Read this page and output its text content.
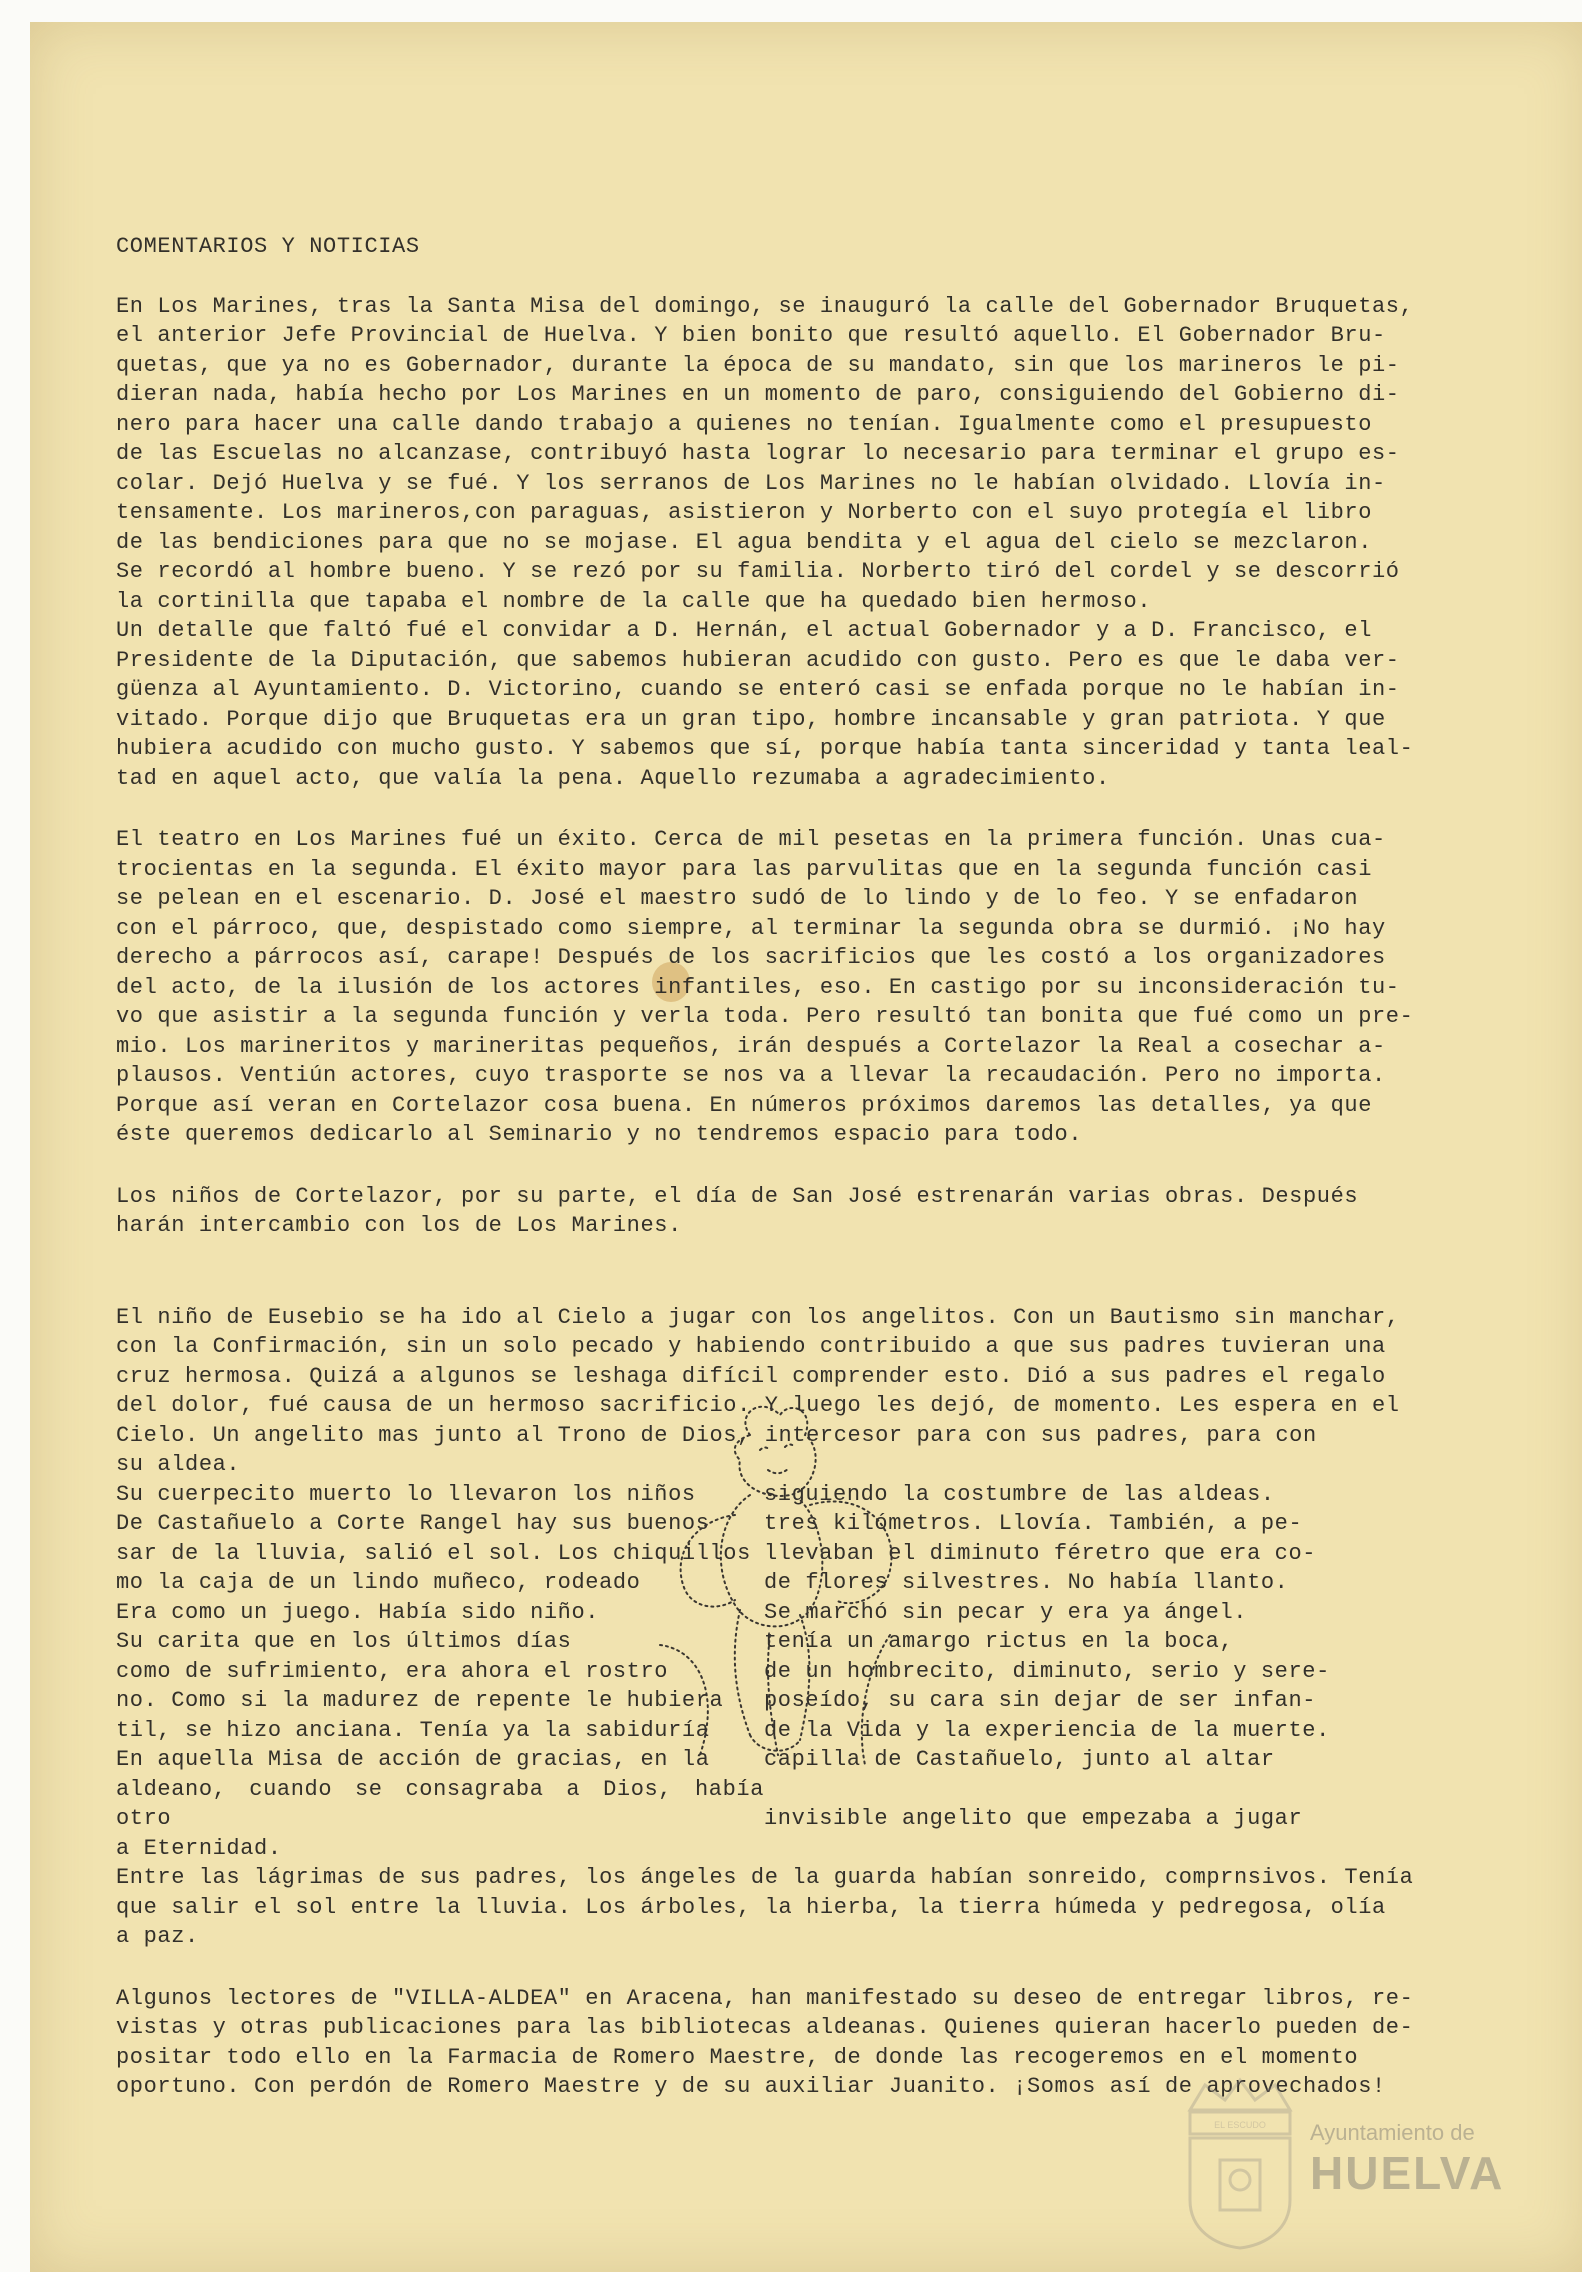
COMENTARIOS Y NOTICIAS
En Los Marines, tras la Santa Misa del domingo, se inauguró la calle del Gobernador Bruquetas,
el anterior Jefe Provincial de Huelva. Y bien bonito que resultó aquello. El Gobernador Bru-
quetas, que ya no es Gobernador, durante la época de su mandato, sin que los marineros le pi-
dieran nada, había hecho por Los Marines en un momento de paro, consiguiendo del Gobierno di-
nero para hacer una calle dando trabajo a quienes no tenían. Igualmente como el presupuesto
de las Escuelas no alcanzase, contribuyó hasta lograr lo necesario para terminar el grupo es-
colar. Dejó Huelva y se fué. Y los serranos de Los Marines no le habían olvidado. Llovía in-
tensamente. Los marineros,con paraguas, asistieron y Norberto con el suyo protegía el libro
de las bendiciones para que no se mojase. El agua bendita y el agua del cielo se mezclaron.
Se recordó al hombre bueno. Y se rezó por su familia. Norberto tiró del cordel y se descorrió
la cortinilla que tapaba el nombre de la calle que ha quedado bien hermoso.
Un detalle que faltó fué el convidar a D. Hernán, el actual Gobernador y a D. Francisco, el
Presidente de la Diputación, que sabemos hubieran acudido con gusto. Pero es que le daba ver-
güenza al Ayuntamiento. D. Victorino, cuando se enteró casi se enfada porque no le habían in-
vitado. Porque dijo que Bruquetas era un gran tipo, hombre incansable y gran patriota. Y que
hubiera acudido con mucho gusto. Y sabemos que sí, porque había tanta sinceridad y tanta leal-
tad en aquel acto, que valía la pena. Aquello rezumaba a agradecimiento.
El teatro en Los Marines fué un éxito. Cerca de mil pesetas en la primera función. Unas cua-
trocientas en la segunda. El éxito mayor para las parvulitas que en la segunda función casi
se pelean en el escenario. D. José el maestro sudó de lo lindo y de lo feo. Y se enfadaron
con el párroco, que, despistado como siempre, al terminar la segunda obra se durmió. ¡No hay
derecho a párrocos así, carape! Después de los sacrificios que les costó a los organizadores
del acto, de la ilusión de los actores infantiles, eso. En castigo por su inconsideración tu-
vo que asistir a la segunda función y verla toda. Pero resultó tan bonita que fué como un pre-
mio. Los marineritos y marineritas pequeños, irán después a Cortelazor la Real a cosechar a-
plausos. Ventiún actores, cuyo trasporte se nos va a llevar la recaudación. Pero no importa.
Porque así veran en Cortelazor cosa buena. En números próximos daremos las detalles, ya que
éste queremos dedicarlo al Seminario y no tendremos espacio para todo.
Los niños de Cortelazor, por su parte, el día de San José estrenarán varias obras. Después
harán intercambio con los de Los Marines.
El niño de Eusebio se ha ido al Cielo a jugar con los angelitos. Con un Bautismo sin manchar,
con la Confirmación, sin un solo pecado y habiendo contribuido a que sus padres tuvieran una
cruz hermosa. Quizá a algunos se leshaga difícil comprender esto. Dió a sus padres el regalo
del dolor, fué causa de un hermoso sacrificio. Y luego les dejó, de momento. Les espera en el
Cielo. Un angelito mas junto al Trono de Dios, intercesor para con sus padres, para con
su aldea.
Su cuerpecito muerto lo llevaron los niños	siguiendo la costumbre de las aldeas.
De Castañuelo a Corte Rangel hay sus buenos tres kilómetros. Llovía. También, a pe-
sar de la lluvia, salió el sol. Los chiquillos llevaban el diminuto féretro que era co-
mo la caja de un lindo muñeco, rodeado	de flores silvestres. No había llanto.
Era como un juego. Había sido niño.	Se marchó sin pecar y era ya ángel.
Su carita que en los últimos días	tenía un amargo rictus en la boca,
como de sufrimiento, era ahora el rostro	de un hombrecito, diminuto, serio y sere-
no. Como si la madurez de repente le hubiera poseído, su cara sin dejar de ser infan-
til, se hizo anciana. Tenía ya la sabiduría de la Vida y la experiencia de la muerte.
En aquella Misa de acción de gracias, en la capilla de Castañuelo, junto al altar
aldeano, cuando se consagraba a Dios, había otro	invisible angelito que empezaba a jugar
a Eternidad.
Entre las lágrimas de sus padres, los ángeles de la guarda habían sonreido, comprnsivos. Tenía
que salir el sol entre la lluvia. Los árboles, la hierba, la tierra húmeda y pedregosa, olía
a paz.
Algunos lectores de "VILLA-ALDEA" en Aracena, han manifestado su deseo de entregar libros, re-
vistas y otras publicaciones para las bibliotecas aldeanas. Quienes quieran hacerlo pueden de-
positar todo ello en la Farmacia de Romero Maestre, de donde las recogeremos en el momento
oportuno. Con perdón de Romero Maestre y de su auxiliar Juanito. ¡Somos así de aprovechados!
EL ESCUDO Ayuntamiento de
HUELVA
